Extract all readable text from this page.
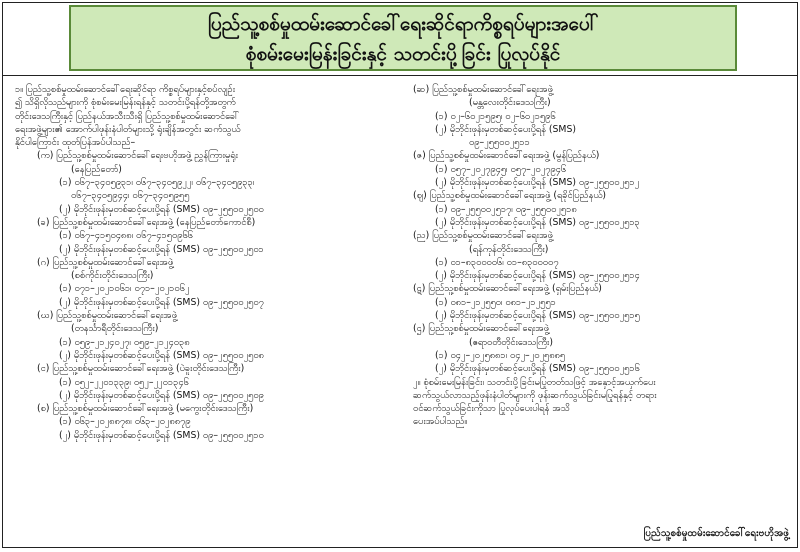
ပြည်သူ့စစ်မှုထမ်းဆောင်ခေါ်ရေးဆိုင်ရာကိစ္စရပ်များအပေါ်
စုံစမ်းမေးမြန်းခြင်းနှင့် သတင်းပို့ခြင်း ပြုလုပ်နိုင်
၁။ ပြည်သူ့စစ်မှုထမ်းဆောင်ခေါ်ရေးဆိုင်ရာ ကိစ္စရပ်များနှင့်စပ်လျဉ်း
၍ သိရှိလိုသည်များကို စုံစမ်းမေးမြန်းရန်နှင့် သတင်းပို့ရန်တို့အတွက်
တိုင်းဒေသကြီးနှင့် ပြည်နယ်အသီးသီးရှိ ပြည်သူ့စစ်မှုထမ်းဆောင်ခေါ်
ရေးအဖွဲ့များ၏ အောက်ပါဖုန်းနံပါတ်များသို့ ရုံးချိန်အတွင်း ဆက်သွယ်
နိုင်ပါကြောင်း ထုတ်ပြန်အပ်ပါသည်–
(က) ပြည်သူ့စစ်မှုထမ်းဆောင်ခေါ်ရေးဗဟိုအဖွဲ့ ညွှန်ကြားမှုရုံး
(နေပြည်တော်)
(၁) ၀၆၇–၃၄၀၅၉၃၁၊ ၀၆၇–၃၄၀၅၉၂၂၊ ၀၆၇–၃၄၀၅၉၃၃၊
၀၆၇–၃၄၀၅၉၄၄၊ ၀၆၇–၃၄၀၅၉၅၅
(၂) မိုဘိုင်းဖုန်းမှတစ်ဆင့်ပေးပို့ရန် (SMS) ၀၉–၂၅၅၀၀၂၅၀၀
(ခ) ပြည်သူ့စစ်မှုထမ်းဆောင်ခေါ်ရေးအဖွဲ့ (နေပြည်တော်ကောင်စီ)
(၁) ၀၆၇–၄၁၅၀၄၈၈၊ ၀၆၇–၄၁၅၀၉၆၆
(၂) မိုဘိုင်းဖုန်းမှတစ်ဆင့်ပေးပို့ရန် (SMS) ၀၉–၂၅၅၀၀၂၅၀၁
(ဂ) ပြည်သူ့စစ်မှုထမ်းဆောင်ခေါ်ရေးအဖွဲ့
(စစ်ကိုင်းတိုင်းဒေသကြီး)
(၁) ၀၇၁–၂၀၂၁၀၆၁၊ ၀၇၁–၂၀၂၁၀၆၂
(၂) မိုဘိုင်းဖုန်းမှတစ်ဆင့်ပေးပို့ရန် (SMS) ၀၉–၂၅၅၀၀၂၅၀၇
(ဃ) ပြည်သူ့စစ်မှုထမ်းဆောင်ခေါ်ရေးအဖွဲ့
(တနင်္သာရီတိုင်းဒေသကြီး)
(၁) ၀၅၉–၂၁၂၄၀၂၇၊ ၀၅၉–၂၁၂၄၀၃၈
(၂) မိုဘိုင်းဖုန်းမှတစ်ဆင့်ပေးပို့ရန် (SMS) ၀၉–၂၅၅၀၀၂၅၀၈
(င) ပြည်သူ့စစ်မှုထမ်းဆောင်ခေါ်ရေးအဖွဲ့ (ပဲခူးတိုင်းဒေသကြီး)
(၁) ၀၅၂–၂၂၀၁၃၃၉၊ ၀၅၂–၂၂၀၁၃၄၆
(၂) မိုဘိုင်းဖုန်းမှတစ်ဆင့်ပေးပို့ရန် (SMS) ၀၉–၂၅၅၀၀၂၅၀၉
(စ) ပြည်သူ့စစ်မှုထမ်းဆောင်ခေါ်ရေးအဖွဲ့ (မကွေးတိုင်းဒေသကြီး)
(၁) ၀၆၃–၂၀၂၈၈၇၈၊ ၀၆၃–၂၀၂၈၈၇၉
(၂) မိုဘိုင်းဖုန်းမှတစ်ဆင့်ပေးပို့ရန် (SMS) ၀၉–၂၅၅၀၀၂၅၁၀
(ဆ) ပြည်သူ့စစ်မှုထမ်းဆောင်ခေါ်ရေးအဖွဲ့
(မန္တလေးတိုင်းဒေသကြီး)
(၁) ၀၂–၆၀၂၁၅၉၅၊ ၀၂–၆၀၂၁၅၉၆
(၂) မိုဘိုင်းဖုန်းမှတစ်ဆင့်ပေးပို့ရန် (SMS)
၀၉–၂၅၅၀၀၂၅၁၁
(ဇ) ပြည်သူ့စစ်မှုထမ်းဆောင်ခေါ်ရေးအဖွဲ့ (မွန်ပြည်နယ်)
(၁) ၀၅၇–၂၀၂၇၉၄၅၊ ၀၅၇–၂၀၂၇၉၄၆
(၂) မိုဘိုင်းဖုန်းမှတစ်ဆင့်ပေးပို့ရန် (SMS) ၀၉–၂၅၅၀၀၂၅၁၂
(ဈ) ပြည်သူ့စစ်မှုထမ်းဆောင်ခေါ်ရေးအဖွဲ့ (ရခိုင်ပြည်နယ်)
(၁) ၀၉–၂၅၅၀၀၂၅၁၇၊ ၀၉–၂၅၅၀၀၂၅၁၈
(၂) မိုဘိုင်းဖုန်းမှတစ်ဆင့်ပေးပို့ရန် (SMS) ၀၉–၂၅၅၀၀၂၅၁၃
(ည) ပြည်သူ့စစ်မှုထမ်းဆောင်ခေါ်ရေးအဖွဲ့
(ရန်ကုန်တိုင်းဒေသကြီး)
(၁) ၀၁–၈၃၀၀၀၀၆၊ ၀၁–၈၃၀၀၀၀၇
(၂) မိုဘိုင်းဖုန်းမှတစ်ဆင့်ပေးပို့ရန် (SMS) ၀၉–၂၅၅၀၀၂၅၁၄
(ဋ) ပြည်သူ့စစ်မှုထမ်းဆောင်ခေါ်ရေးအဖွဲ့ (ရှမ်းပြည်နယ်)
(၁) ၀၈၁–၂၁၂၅၅၀၊ ၀၈၁–၂၁၂၅၅၁
(၂) မိုဘိုင်းဖုန်းမှတစ်ဆင့်ပေးပို့ရန် (SMS) ၀၉–၂၅၅၀၀၂၅၁၅
(ဌ) ပြည်သူ့စစ်မှုထမ်းဆောင်ခေါ်ရေးအဖွဲ့
(ဧရာဝတီတိုင်းဒေသကြီး)
(၁) ၀၄၂–၂၀၂၅၈၈၁၊ ၀၄၂–၂၀၂၅၈၈၅
(၂) မိုဘိုင်းဖုန်းမှတစ်ဆင့်ပေးပို့ရန် (SMS) ၀၉–၂၅၅၀၀၂၅၁၆
၂။ စုံစမ်းမေးမြန်းခြင်း၊ သတင်းပို့ခြင်းမပြုတတ်သဖြင့် အနှောင့်အယှက်ပေး
ဆက်သွယ်လာသည့်ဖုန်းနံပါတ်များကို ဖုန်းဆက်သွယ်ခြင်းမပြုရန်နှင့် တရား
ဝင်ဆက်သွယ်ခြင်းကိုသာ ပြုလုပ်ပေးပါရန် အသိ
ပေးအပ်ပါသည်။
ပြည်သူ့စစ်မှုထမ်းဆောင်ခေါ်ရေးဗဟိုအဖွဲ့
